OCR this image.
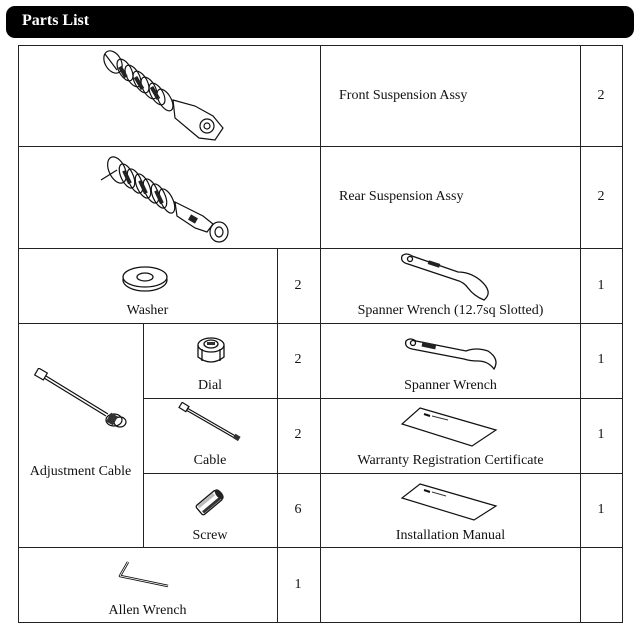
Parts List
Front Suspension Assy	2
Rear Suspension Assy	2
Washer
2
Spanner Wrench (12.7sq Slotted)
1
Adjustment Cable
Dial
2
Spanner Wrench
1
Cable
2
Warranty Registration Certificate
1
Screw
6
Installation Manual
1
Allen Wrench
1
